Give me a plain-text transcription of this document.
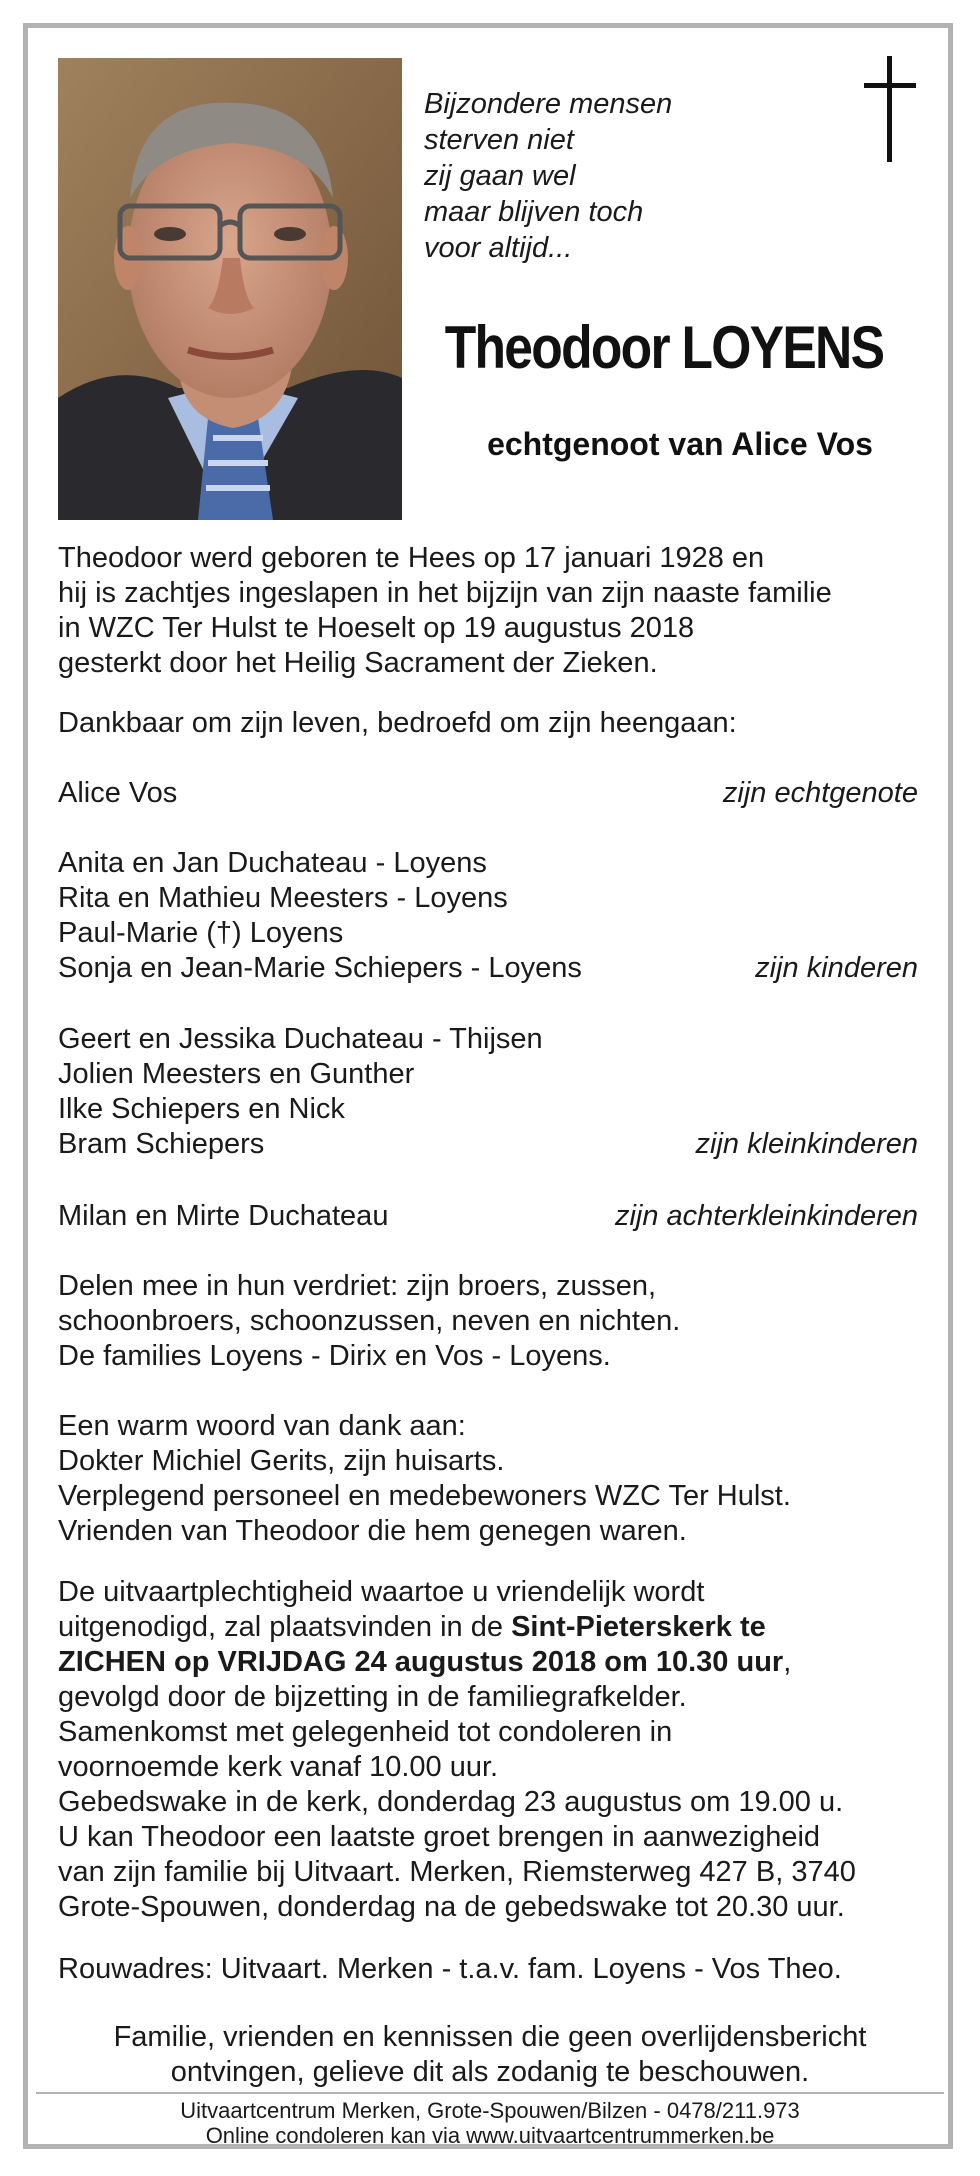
Bijzondere mensen
sterven niet
zij gaan wel
maar blijven toch
voor altijd...
Theodoor LOYENS
echtgenoot van Alice Vos
Theodoor werd geboren te Hees op 17 januari 1928 en
hij is zachtjes ingeslapen in het bijzijn van zijn naaste familie
in WZC Ter Hulst te Hoeselt op 19 augustus 2018
gesterkt door het Heilig Sacrament der Zieken.
Dankbaar om zijn leven, bedroefd om zijn heengaan:
Alice Vos	zijn echtgenote
Anita en Jan Duchateau - Loyens
Rita en Mathieu Meesters - Loyens
Paul-Marie (†) Loyens
Sonja en Jean-Marie Schiepers - Loyens	zijn kinderen
Geert en Jessika Duchateau - Thijsen
Jolien Meesters en Gunther
Ilke Schiepers en Nick
Bram Schiepers	zijn kleinkinderen
Milan en Mirte Duchateau	zijn achterkleinkinderen
Delen mee in hun verdriet: zijn broers, zussen,
schoonbroers, schoonzussen, neven en nichten.
De families Loyens - Dirix en Vos - Loyens.
Een warm woord van dank aan:
Dokter Michiel Gerits, zijn huisarts.
Verplegend personeel en medebewoners WZC Ter Hulst.
Vrienden van Theodoor die hem genegen waren.
De uitvaartplechtigheid waartoe u vriendelijk wordt
uitgenodigd, zal plaatsvinden in de Sint-Pieterskerk te
ZICHEN op VRIJDAG 24 augustus 2018 om 10.30 uur,
gevolgd door de bijzetting in de familiegrafkelder.
Samenkomst met gelegenheid tot condoleren in
voornoemde kerk vanaf 10.00 uur.
Gebedswake in de kerk, donderdag 23 augustus om 19.00 u.
U kan Theodoor een laatste groet brengen in aanwezigheid
van zijn familie bij Uitvaart. Merken, Riemsterweg 427 B, 3740
Grote-Spouwen, donderdag na de gebedswake tot 20.30 uur.
Rouwadres: Uitvaart. Merken - t.a.v. fam. Loyens - Vos Theo.
Familie, vrienden en kennissen die geen overlijdensbericht
ontvingen, gelieve dit als zodanig te beschouwen.
Uitvaartcentrum Merken, Grote-Spouwen/Bilzen - 0478/211.973
Online condoleren kan via www.uitvaartcentrummerken.be
